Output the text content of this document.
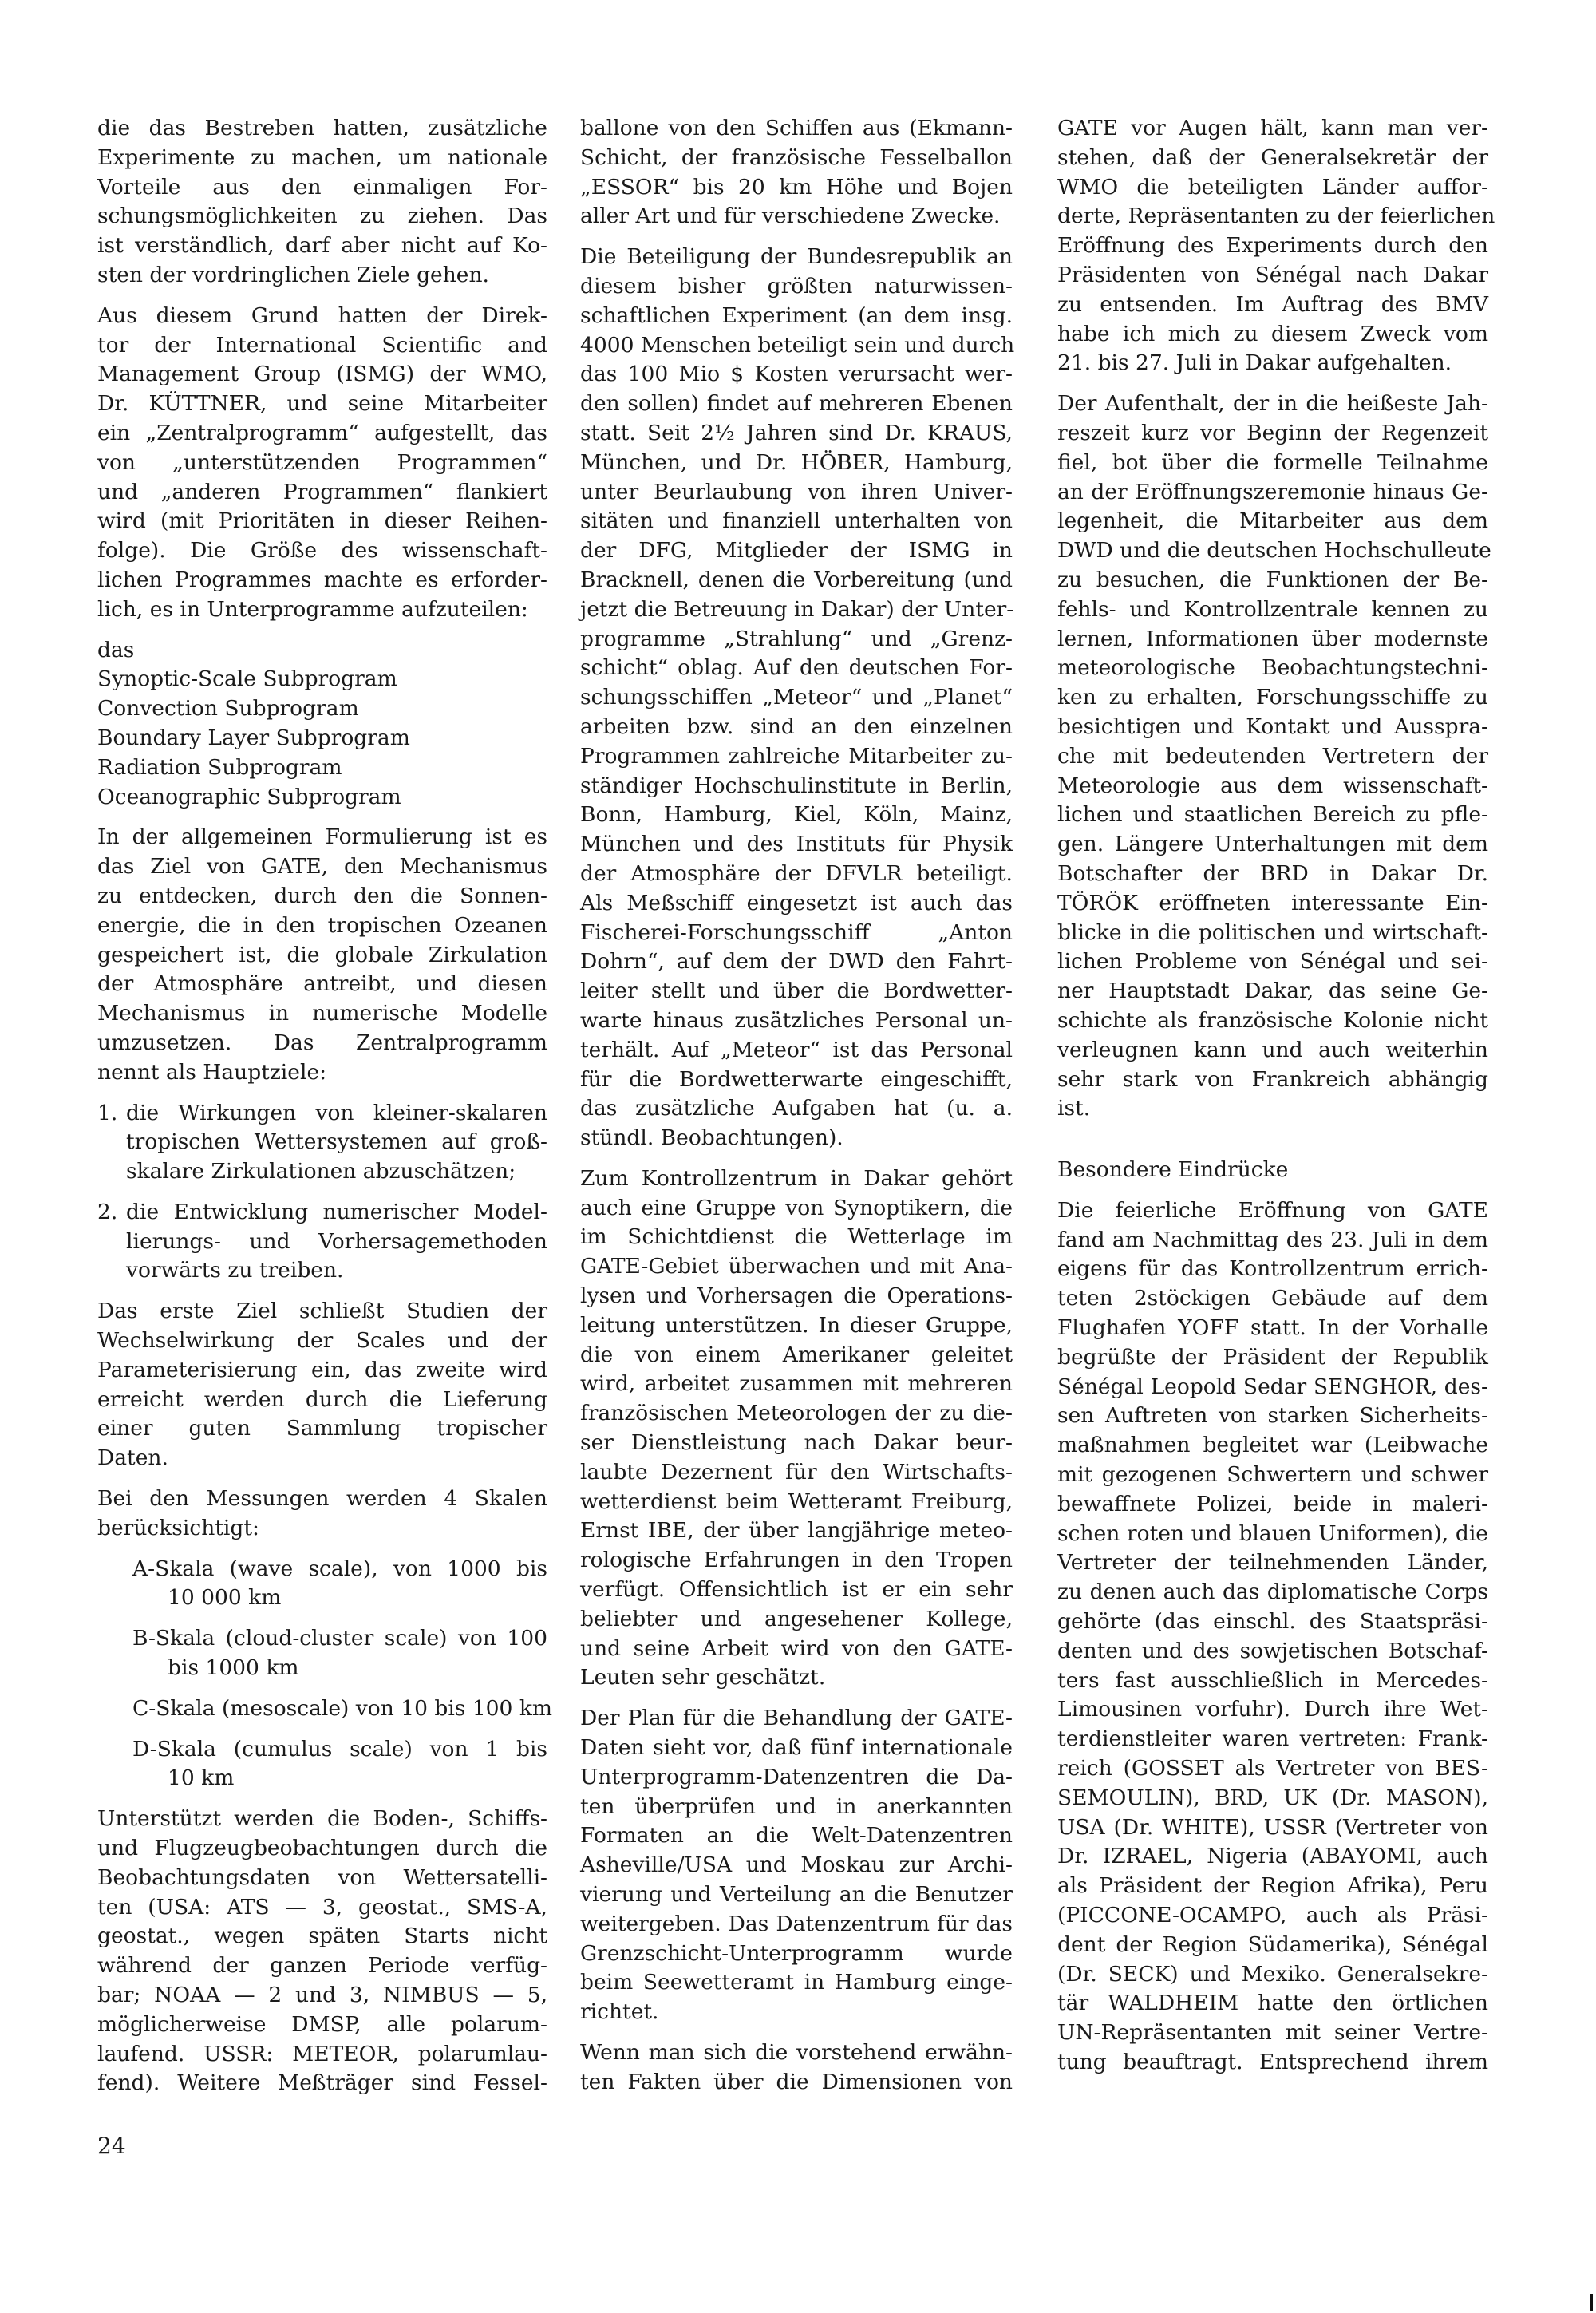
die das Bestreben hatten, zusätzliche
Experimente zu machen, um nationale
Vorteile aus den einmaligen For-
schungsmöglichkeiten zu ziehen. Das
ist verständlich, darf aber nicht auf Ko-
sten der vordringlichen Ziele gehen.
Aus diesem Grund hatten der Direk-
tor der International Scientific and
Management Group (ISMG) der WMO,
Dr. KÜTTNER, und seine Mitarbeiter
ein „Zentralprogramm“ aufgestellt, das
von „unterstützenden Programmen“
und „anderen Programmen“ flankiert
wird (mit Prioritäten in dieser Reihen-
folge). Die Größe des wissenschaft-
lichen Programmes machte es erforder-
lich, es in Unterprogramme aufzuteilen:
das
Synoptic-Scale Subprogram
Convection Subprogram
Boundary Layer Subprogram
Radiation Subprogram
Oceanographic Subprogram
In der allgemeinen Formulierung ist es
das Ziel von GATE, den Mechanismus
zu entdecken, durch den die Sonnen-
energie, die in den tropischen Ozeanen
gespeichert ist, die globale Zirkulation
der Atmosphäre antreibt, und diesen
Mechanismus in numerische Modelle
umzusetzen. Das Zentralprogramm
nennt als Hauptziele:
1. die Wirkungen von kleiner-skalaren
tropischen Wettersystemen auf groß-
skalare Zirkulationen abzuschätzen;
2. die Entwicklung numerischer Model-
lierungs- und Vorhersagemethoden
vorwärts zu treiben.
Das erste Ziel schließt Studien der
Wechselwirkung der Scales und der
Parameterisierung ein, das zweite wird
erreicht werden durch die Lieferung
einer guten Sammlung tropischer
Daten.
Bei den Messungen werden 4 Skalen
berücksichtigt:
A-Skala (wave scale), von 1000 bis
10 000 km
B-Skala (cloud-cluster scale) von 100
bis 1000 km
C-Skala (mesoscale) von 10 bis 100 km
D-Skala (cumulus scale) von 1 bis
10 km
Unterstützt werden die Boden-, Schiffs-
und Flugzeugbeobachtungen durch die
Beobachtungsdaten von Wettersatelli-
ten (USA: ATS — 3, geostat., SMS-A,
geostat., wegen späten Starts nicht
während der ganzen Periode verfüg-
bar; NOAA — 2 und 3, NIMBUS — 5,
möglicherweise DMSP, alle polarum-
laufend. USSR: METEOR, polarumlau-
fend). Weitere Meßträger sind Fessel-
ballone von den Schiffen aus (Ekmann-
Schicht, der französische Fesselballon
„ESSOR“ bis 20 km Höhe und Bojen
aller Art und für verschiedene Zwecke.
Die Beteiligung der Bundesrepublik an
diesem bisher größten naturwissen-
schaftlichen Experiment (an dem insg.
4000 Menschen beteiligt sein und durch
das 100 Mio $ Kosten verursacht wer-
den sollen) findet auf mehreren Ebenen
statt. Seit 2½ Jahren sind Dr. KRAUS,
München, und Dr. HÖBER, Hamburg,
unter Beurlaubung von ihren Univer-
sitäten und finanziell unterhalten von
der DFG, Mitglieder der ISMG in
Bracknell, denen die Vorbereitung (und
jetzt die Betreuung in Dakar) der Unter-
programme „Strahlung“ und „Grenz-
schicht“ oblag. Auf den deutschen For-
schungsschiffen „Meteor“ und „Planet“
arbeiten bzw. sind an den einzelnen
Programmen zahlreiche Mitarbeiter zu-
ständiger Hochschulinstitute in Berlin,
Bonn, Hamburg, Kiel, Köln, Mainz,
München und des Instituts für Physik
der Atmosphäre der DFVLR beteiligt.
Als Meßschiff eingesetzt ist auch das
Fischerei-Forschungsschiff „Anton
Dohrn“, auf dem der DWD den Fahrt-
leiter stellt und über die Bordwetter-
warte hinaus zusätzliches Personal un-
terhält. Auf „Meteor“ ist das Personal
für die Bordwetterwarte eingeschifft,
das zusätzliche Aufgaben hat (u. a.
stündl. Beobachtungen).
Zum Kontrollzentrum in Dakar gehört
auch eine Gruppe von Synoptikern, die
im Schichtdienst die Wetterlage im
GATE-Gebiet überwachen und mit Ana-
lysen und Vorhersagen die Operations-
leitung unterstützen. In dieser Gruppe,
die von einem Amerikaner geleitet
wird, arbeitet zusammen mit mehreren
französischen Meteorologen der zu die-
ser Dienstleistung nach Dakar beur-
laubte Dezernent für den Wirtschafts-
wetterdienst beim Wetteramt Freiburg,
Ernst IBE, der über langjährige meteo-
rologische Erfahrungen in den Tropen
verfügt. Offensichtlich ist er ein sehr
beliebter und angesehener Kollege,
und seine Arbeit wird von den GATE-
Leuten sehr geschätzt.
Der Plan für die Behandlung der GATE-
Daten sieht vor, daß fünf internationale
Unterprogramm-Datenzentren die Da-
ten überprüfen und in anerkannten
Formaten an die Welt-Datenzentren
Asheville/USA und Moskau zur Archi-
vierung und Verteilung an die Benutzer
weitergeben. Das Datenzentrum für das
Grenzschicht-Unterprogramm wurde
beim Seewetteramt in Hamburg einge-
richtet.
Wenn man sich die vorstehend erwähn-
ten Fakten über die Dimensionen von
GATE vor Augen hält, kann man ver-
stehen, daß der Generalsekretär der
WMO die beteiligten Länder auffor-
derte, Repräsentanten zu der feierlichen
Eröffnung des Experiments durch den
Präsidenten von Sénégal nach Dakar
zu entsenden. Im Auftrag des BMV
habe ich mich zu diesem Zweck vom
21. bis 27. Juli in Dakar aufgehalten.
Der Aufenthalt, der in die heißeste Jah-
reszeit kurz vor Beginn der Regenzeit
fiel, bot über die formelle Teilnahme
an der Eröffnungszeremonie hinaus Ge-
legenheit, die Mitarbeiter aus dem
DWD und die deutschen Hochschulleute
zu besuchen, die Funktionen der Be-
fehls- und Kontrollzentrale kennen zu
lernen, Informationen über modernste
meteorologische Beobachtungstechni-
ken zu erhalten, Forschungsschiffe zu
besichtigen und Kontakt und Ausspra-
che mit bedeutenden Vertretern der
Meteorologie aus dem wissenschaft-
lichen und staatlichen Bereich zu pfle-
gen. Längere Unterhaltungen mit dem
Botschafter der BRD in Dakar Dr.
TÖRÖK eröffneten interessante Ein-
blicke in die politischen und wirtschaft-
lichen Probleme von Sénégal und sei-
ner Hauptstadt Dakar, das seine Ge-
schichte als französische Kolonie nicht
verleugnen kann und auch weiterhin
sehr stark von Frankreich abhängig
ist.
Besondere Eindrücke
Die feierliche Eröffnung von GATE
fand am Nachmittag des 23. Juli in dem
eigens für das Kontrollzentrum errich-
teten 2stöckigen Gebäude auf dem
Flughafen YOFF statt. In der Vorhalle
begrüßte der Präsident der Republik
Sénégal Leopold Sedar SENGHOR, des-
sen Auftreten von starken Sicherheits-
maßnahmen begleitet war (Leibwache
mit gezogenen Schwertern und schwer
bewaffnete Polizei, beide in maleri-
schen roten und blauen Uniformen), die
Vertreter der teilnehmenden Länder,
zu denen auch das diplomatische Corps
gehörte (das einschl. des Staatspräsi-
denten und des sowjetischen Botschaf-
ters fast ausschließlich in Mercedes-
Limousinen vorfuhr). Durch ihre Wet-
terdienstleiter waren vertreten: Frank-
reich (GOSSET als Vertreter von BES-
SEMOULIN), BRD, UK (Dr. MASON),
USA (Dr. WHITE), USSR (Vertreter von
Dr. IZRAEL, Nigeria (ABAYOMI, auch
als Präsident der Region Afrika), Peru
(PICCONE-OCAMPO, auch als Präsi-
dent der Region Südamerika), Sénégal
(Dr. SECK) und Mexiko. Generalsekre-
tär WALDHEIM hatte den örtlichen
UN-Repräsentanten mit seiner Vertre-
tung beauftragt. Entsprechend ihrem
24
